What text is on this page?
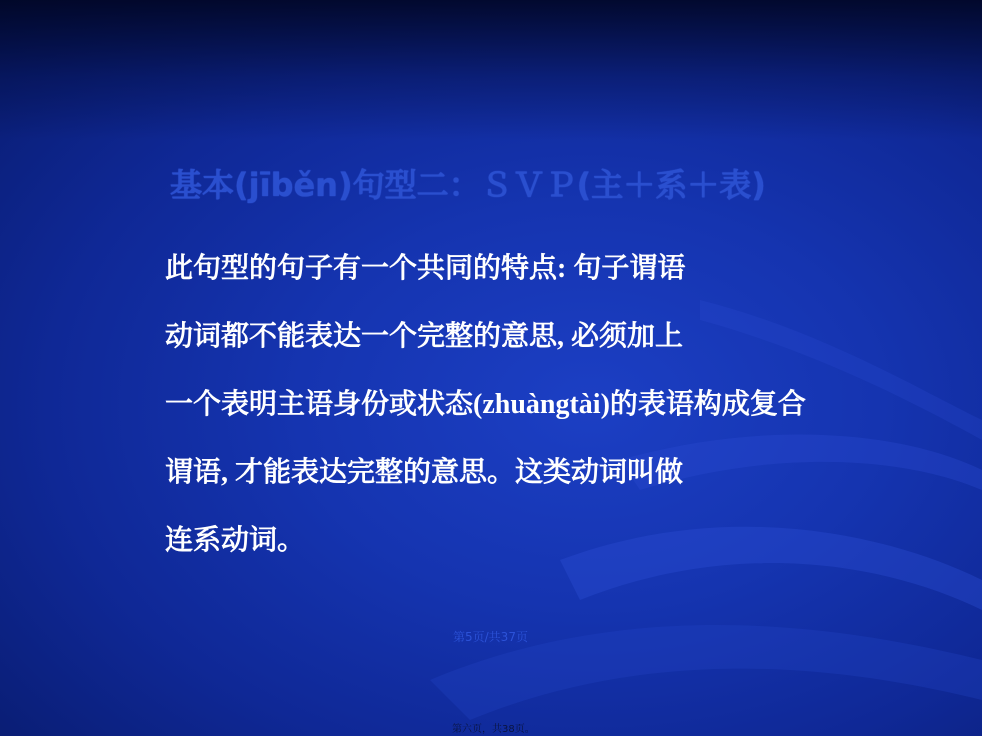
基本(jīběn)句型二：ＳＶＰ(主＋系＋表)
此句型的句子有一个共同的特点: 句子谓语
动词都不能表达一个完整的意思, 必须加上
一个表明主语身份或状态(zhuàngtài)的表语构成复合
谓语, 才能表达完整的意思。这类动词叫做
连系动词。
第5页/共37页
第六页，共38页。
